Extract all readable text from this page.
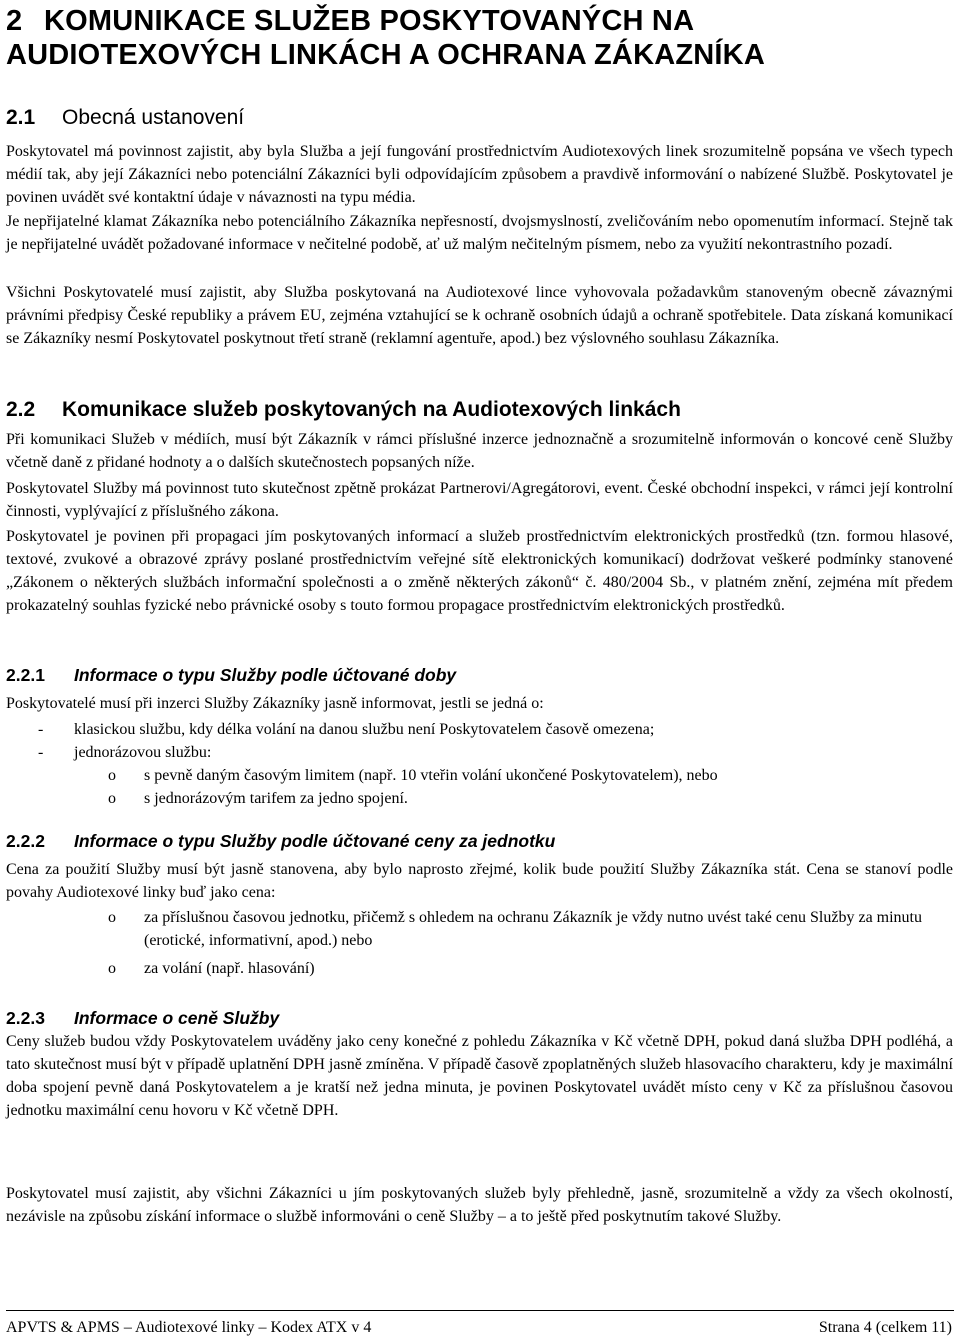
2 KOMUNIKACE SLUŽEB POSKYTOVANÝCH NA
AUDIOTEXOVÝCH LINKÁCH A OCHRANA ZÁKAZNÍKA
2.1 Obecná ustanovení
Poskytovatel má povinnost zajistit, aby byla Služba a její fungování prostřednictvím Audiotexových linek srozumitelně popsána ve všech typech médií tak, aby její Zákazníci nebo potenciální Zákazníci byli odpovídajícím způsobem a pravdivě informování o nabízené Službě. Poskytovatel je povinen uvádět své kontaktní údaje v návaznosti na typu média.
Je nepřijatelné klamat Zákazníka nebo potenciálního Zákazníka nepřesností, dvojsmyslností, zveličováním nebo opomenutím informací. Stejně tak je nepřijatelné uvádět požadované informace v nečitelné podobě, ať už malým nečitelným písmem, nebo za využití nekontrastního pozadí.
Všichni Poskytovatelé musí zajistit, aby Služba poskytovaná na Audiotexové lince vyhovovala požadavkům stanoveným obecně závaznými právními předpisy České republiky a právem EU, zejména vztahující se k ochraně osobních údajů a ochraně spotřebitele. Data získaná komunikací se Zákazníky nesmí Poskytovatel poskytnout třetí straně (reklamní agentuře, apod.) bez výslovného souhlasu Zákazníka.
2.2 Komunikace služeb poskytovaných na Audiotexových linkách
Při komunikaci Služeb v médiích, musí být Zákazník v rámci příslušné inzerce jednoznačně a srozumitelně informován o koncové ceně Služby včetně daně z přidané hodnoty a o dalších skutečnostech popsaných níže.
Poskytovatel Služby má povinnost tuto skutečnost zpětně prokázat Partnerovi/Agregátorovi, event. České obchodní inspekci, v rámci její kontrolní činnosti, vyplývající z příslušného zákona.
Poskytovatel je povinen při propagaci jím poskytovaných informací a služeb prostřednictvím elektronických prostředků (tzn. formou hlasové, textové, zvukové a obrazové zprávy poslané prostřednictvím veřejné sítě elektronických komunikací) dodržovat veškeré podmínky stanovené „Zákonem o některých službách informační společnosti a o změně některých zákonů“ č. 480/2004 Sb., v platném znění, zejména mít předem prokazatelný souhlas fyzické nebo právnické osoby s touto formou propagace prostřednictvím elektronických prostředků.
2.2.1 Informace o typu Služby podle účtované doby
Poskytovatelé musí při inzerci Služby Zákazníky jasně informovat, jestli se jedná o:
- klasickou službu, kdy délka volání na danou službu není Poskytovatelem časově omezena;
- jednorázovou službu:
o s pevně daným časovým limitem (např. 10 vteřin volání ukončené Poskytovatelem), nebo
o s jednorázovým tarifem za jedno spojení.
2.2.2 Informace o typu Služby podle účtované ceny za jednotku
Cena za použití Služby musí být jasně stanovena, aby bylo naprosto zřejmé, kolik bude použití Služby Zákazníka stát. Cena se stanoví podle povahy Audiotexové linky buď jako cena:
o za příslušnou časovou jednotku, přičemž s ohledem na ochranu Zákazník je vždy nutno uvést také cenu Služby za minutu (erotické, informativní, apod.) nebo
o za volání (např. hlasování)
2.2.3 Informace o ceně Služby
Ceny služeb budou vždy Poskytovatelem uváděny jako ceny konečné z pohledu Zákazníka v Kč včetně DPH, pokud daná služba DPH podléhá, a tato skutečnost musí být v případě uplatnění DPH jasně zmíněna. V případě časově zpoplatněných služeb hlasovacího charakteru, kdy je maximální doba spojení pevně daná Poskytovatelem a je kratší než jedna minuta, je povinen Poskytovatel uvádět místo ceny v Kč za příslušnou časovou jednotku maximální cenu hovoru v Kč včetně DPH.
Poskytovatel musí zajistit, aby všichni Zákazníci u jím poskytovaných služeb byly přehledně, jasně, srozumitelně a vždy za všech okolností, nezávisle na způsobu získání informace o službě informováni o ceně Služby – a to ještě před poskytnutím takové Služby.
APVTS & APMS – Audiotexové linky – Kodex ATX v 4	Strana 4 (celkem 11)
